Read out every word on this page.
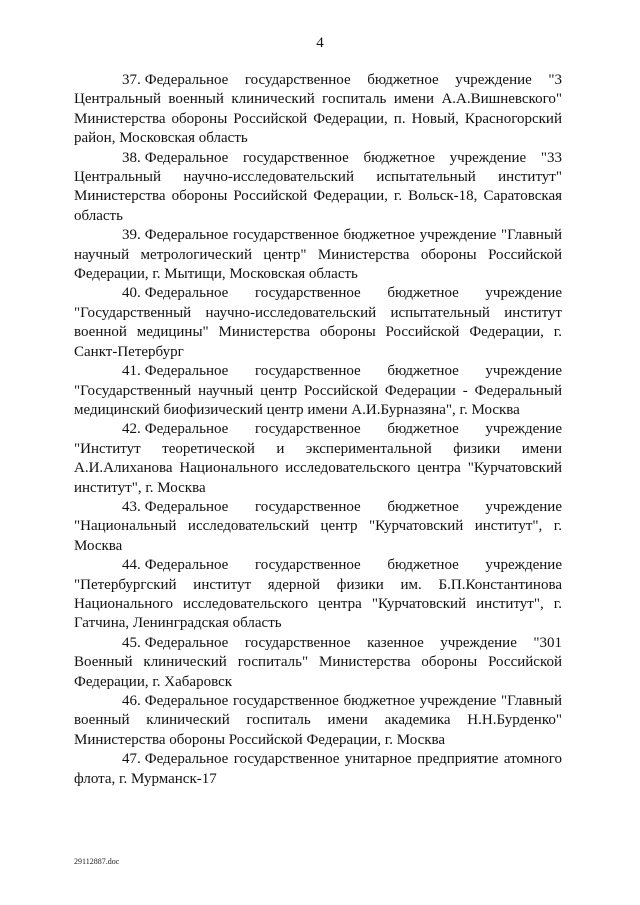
4

37. Федеральное государственное бюджетное учреждение "3 Центральный военный клинический госпиталь имени А.А.Вишневского" Министерства обороны Российской Федерации, п. Новый, Красногорский район, Московская область

38. Федеральное государственное бюджетное учреждение "33 Центральный научно-исследовательский испытательный институт" Министерства обороны Российской Федерации, г. Вольск-18, Саратовская область

39. Федеральное государственное бюджетное учреждение "Главный научный метрологический центр" Министерства обороны Российской Федерации, г. Мытищи, Московская область

40. Федеральное государственное бюджетное учреждение "Государственный научно-исследовательский испытательный институт военной медицины" Министерства обороны Российской Федерации, г. Санкт-Петербург

41. Федеральное государственное бюджетное учреждение "Государственный научный центр Российской Федерации - Федеральный медицинский биофизический центр имени А.И.Бурназяна", г. Москва

42. Федеральное государственное бюджетное учреждение "Институт теоретической и экспериментальной физики имени А.И.Алиханова Национального исследовательского центра "Курчатовский институт", г. Москва

43. Федеральное государственное бюджетное учреждение "Национальный исследовательский центр "Курчатовский институт", г. Москва

44. Федеральное государственное бюджетное учреждение "Петербургский институт ядерной физики им. Б.П.Константинова Национального исследовательского центра "Курчатовский институт", г. Гатчина, Ленинградская область

45. Федеральное государственное казенное учреждение "301 Военный клинический госпиталь" Министерства обороны Российской Федерации, г. Хабаровск

46. Федеральное государственное бюджетное учреждение "Главный военный клинический госпиталь имени академика Н.Н.Бурденко" Министерства обороны Российской Федерации, г. Москва

47. Федеральное государственное унитарное предприятие атомного флота, г. Мурманск-17

29112887.doc
